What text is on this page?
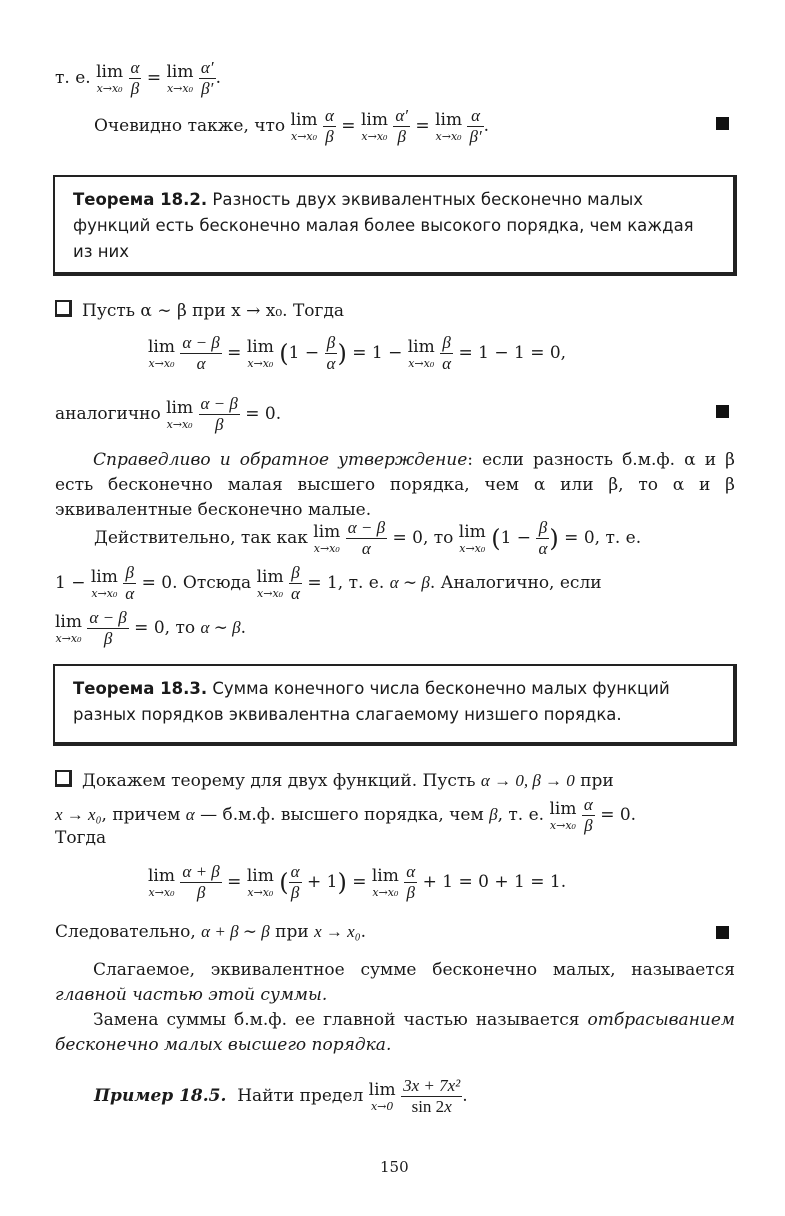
т. е. lim
x→x₀
$\frac{\alpha}{\beta} = \lim$
x→x₀
$\frac{\alpha'}{\beta'}$ .
Очевидно также, что lim
x→x₀
$\frac{\alpha}{\beta} = \lim$
x→x₀
$\frac{\alpha'}{\beta} = \lim$
x→x₀
$\frac{\alpha}{\beta'}$ .
Теорема 18.2. Разность двух эквивалентных бесконечно малых функций есть бесконечно малая более высокого порядка, чем каждая из них
Пусть α ∼ β при x → x₀. Тогда
lim
x→x₀
$\frac{\alpha - \beta}{\alpha} = \lim$
x→x₀ ($1 - \frac{\beta}{\alpha}$ ) = 1 − lim
x→x₀
$\frac{\beta}{\alpha} = 1 - 1 = 0$,
аналогично lim
x→x₀
$\frac{\alpha - \beta}{\beta} = 0$.
Справедливо и обратное утверждение: если разность б.м.ф. α и β есть бесконечно малая высшего порядка, чем α или β, то α и β эквивалентные бесконечно малые.
Действительно, так как lim
x→x₀
$\frac{\alpha - \beta}{\alpha} = 0$, то lim
x→x₀ ($1 - \frac{\beta}{\alpha}$ ) = 0, т. е.
1 − lim
x→x₀
$\frac{\beta}{\alpha} = 0$. Отсюда lim
x→x₀
$\frac{\beta}{\alpha} = 1$, т. е. α ∼ β. Аналогично, если
lim
x→x₀
$\frac{\alpha - \beta}{\beta} = 0$, то α ∼ β.
Теорема 18.3. Сумма конечного числа бесконечно малых функций разных порядков эквивалентна слагаемому низшего порядка.
Докажем теорему для двух функций. Пусть α → 0, β → 0 при
x → x₀, причем α — б.м.ф. высшего порядка, чем β, т. е. lim
x→x₀
$\frac{\alpha}{\beta} = 0$.
Тогда
lim
x→x₀
$\frac{\alpha + \beta}{\beta} = \lim$
x→x₀ ( $\frac{\alpha}{\beta} + 1) = \lim$
x→x₀
$\frac{\alpha}{\beta} + 1 = 0 + 1 = 1$.
Следовательно, α + β ∼ β при x → x₀.
Слагаемое, эквивалентное сумме бесконечно малых, называется главной частью этой суммы.
Замена суммы б.м.ф. ее главной частью называется отбрасыванием бесконечно малых высшего порядка.
Пример 18.5.  Найти предел lim
x→0
$\frac{\text{3x + 7x²}}{\sin 2x}$ .
150
